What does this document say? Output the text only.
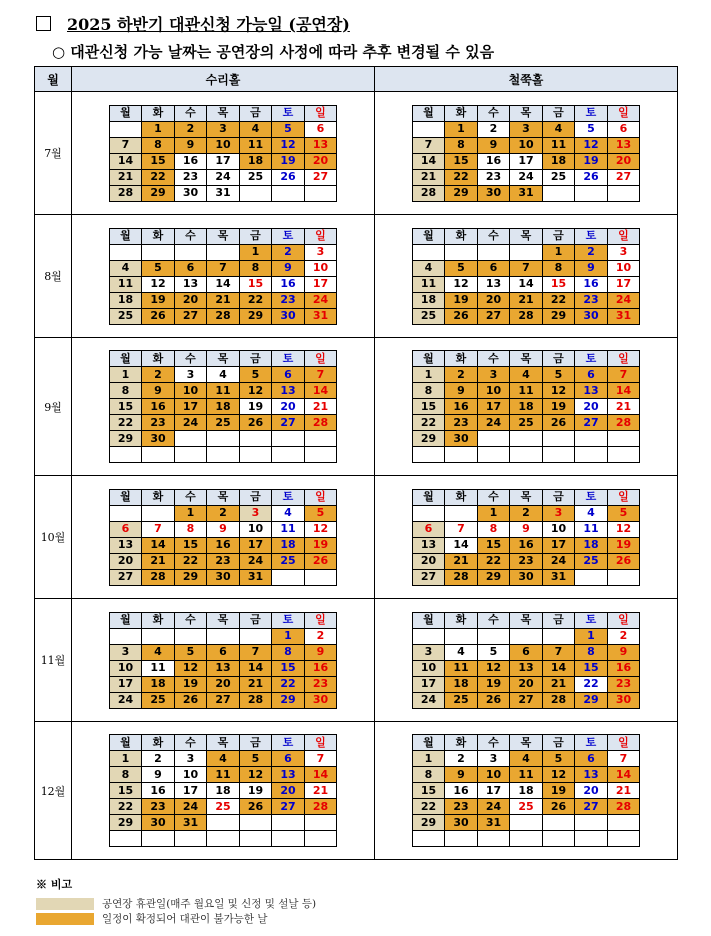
2025 하반기 대관신청 가능일 (공연장)
○ 대관신청 가능 날짜는 공연장의 사정에 따라 추후 변경될 수 있음
월	수리홀	철쭉홀
7월	
월	화	수	목	금	토	일
	1	2	3	4	5	6
7	8	9	10	11	12	13
14	15	16	17	18	19	20
21	22	23	24	25	26	27
28	29	30	31			

월	화	수	목	금	토	일
	1	2	3	4	5	6
7	8	9	10	11	12	13
14	15	16	17	18	19	20
21	22	23	24	25	26	27
28	29	30	31			

8월	
월	화	수	목	금	토	일
				1	2	3
4	5	6	7	8	9	10
11	12	13	14	15	16	17
18	19	20	21	22	23	24
25	26	27	28	29	30	31

월	화	수	목	금	토	일
				1	2	3
4	5	6	7	8	9	10
11	12	13	14	15	16	17
18	19	20	21	22	23	24
25	26	27	28	29	30	31

9월	
월	화	수	목	금	토	일
1	2	3	4	5	6	7
8	9	10	11	12	13	14
15	16	17	18	19	20	21
22	23	24	25	26	27	28
29	30					

월	화	수	목	금	토	일
1	2	3	4	5	6	7
8	9	10	11	12	13	14
15	16	17	18	19	20	21
22	23	24	25	26	27	28
29	30					

10월	
월	화	수	목	금	토	일
		1	2	3	4	5
6	7	8	9	10	11	12
13	14	15	16	17	18	19
20	21	22	23	24	25	26
27	28	29	30	31		

월	화	수	목	금	토	일
		1	2	3	4	5
6	7	8	9	10	11	12
13	14	15	16	17	18	19
20	21	22	23	24	25	26
27	28	29	30	31		

11월	
월	화	수	목	금	토	일
					1	2
3	4	5	6	7	8	9
10	11	12	13	14	15	16
17	18	19	20	21	22	23
24	25	26	27	28	29	30

월	화	수	목	금	토	일
					1	2
3	4	5	6	7	8	9
10	11	12	13	14	15	16
17	18	19	20	21	22	23
24	25	26	27	28	29	30

12월	
월	화	수	목	금	토	일
1	2	3	4	5	6	7
8	9	10	11	12	13	14
15	16	17	18	19	20	21
22	23	24	25	26	27	28
29	30	31				

월	화	수	목	금	토	일
1	2	3	4	5	6	7
8	9	10	11	12	13	14
15	16	17	18	19	20	21
22	23	24	25	26	27	28
29	30	31				

※ 비고
공연장 휴관일(매주 월요일 및 신정 및 설날 등)
일정이 확정되어 대관이 불가능한 날
